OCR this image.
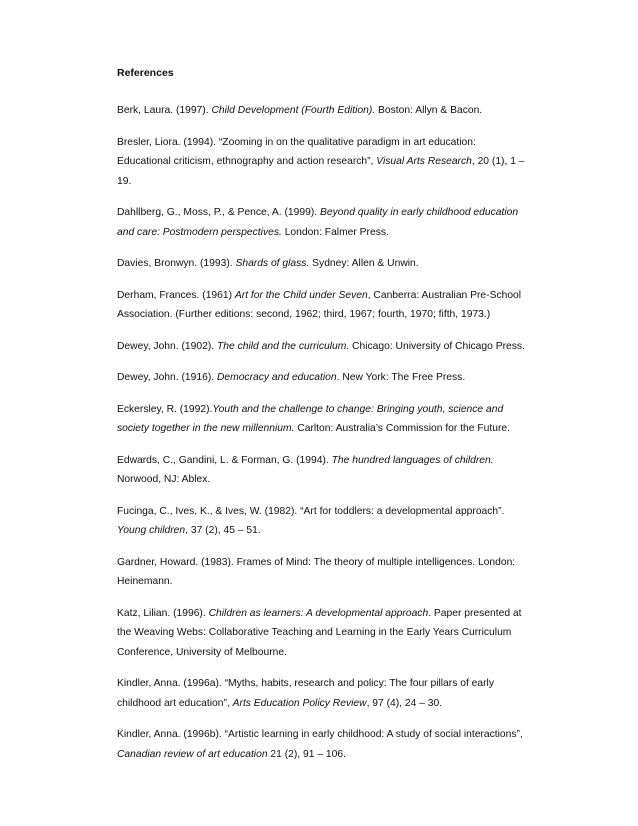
References

Berk, Laura. (1997). Child Development (Fourth Edition). Boston: Allyn & Bacon.
Bresler, Liora. (1994). “Zooming in on the qualitative paradigm in art education: Educational criticism, ethnography and action research”, Visual Arts Research, 20 (1), 1 – 19.
Dahllberg, G., Moss, P., & Pence, A. (1999). Beyond quality in early childhood education and care: Postmodern perspectives. London: Falmer Press.
Davies, Bronwyn. (1993). Shards of glass. Sydney: Allen & Unwin.
Derham, Frances. (1961) Art for the Child under Seven, Canberra: Australian Pre-School Association. (Further editions: second, 1962; third, 1967; fourth, 1970; fifth, 1973.)
Dewey, John. (1902). The child and the curriculum. Chicago: University of Chicago Press.
Dewey, John. (1916). Democracy and education. New York: The Free Press.
Eckersley, R. (1992).Youth and the challenge to change: Bringing youth, science and society together in the new millennium. Carlton: Australia’s Commission for the Future.
Edwards, C., Gandini, L. & Forman, G. (1994). The hundred languages of children. Norwood, NJ: Ablex.
Fucinga, C., Ives, K., & Ives, W. (1982). “Art for toddlers: a developmental approach”. Young children, 37 (2), 45 – 51.
Gardner, Howard. (1983). Frames of Mind: The theory of multiple intelligences. London: Heinemann.
Katz, Lilian. (1996). Children as learners: A developmental approach. Paper presented at the Weaving Webs: Collaborative Teaching and Learning in the Early Years Curriculum Conference, University of Melbourne.
Kindler, Anna. (1996a). “Myths, habits, research and policy: The four pillars of early childhood art education”, Arts Education Policy Review, 97 (4), 24 – 30.
Kindler, Anna. (1996b). “Artistic learning in early childhood: A study of social interactions”, Canadian review of art education 21 (2), 91 – 106.
